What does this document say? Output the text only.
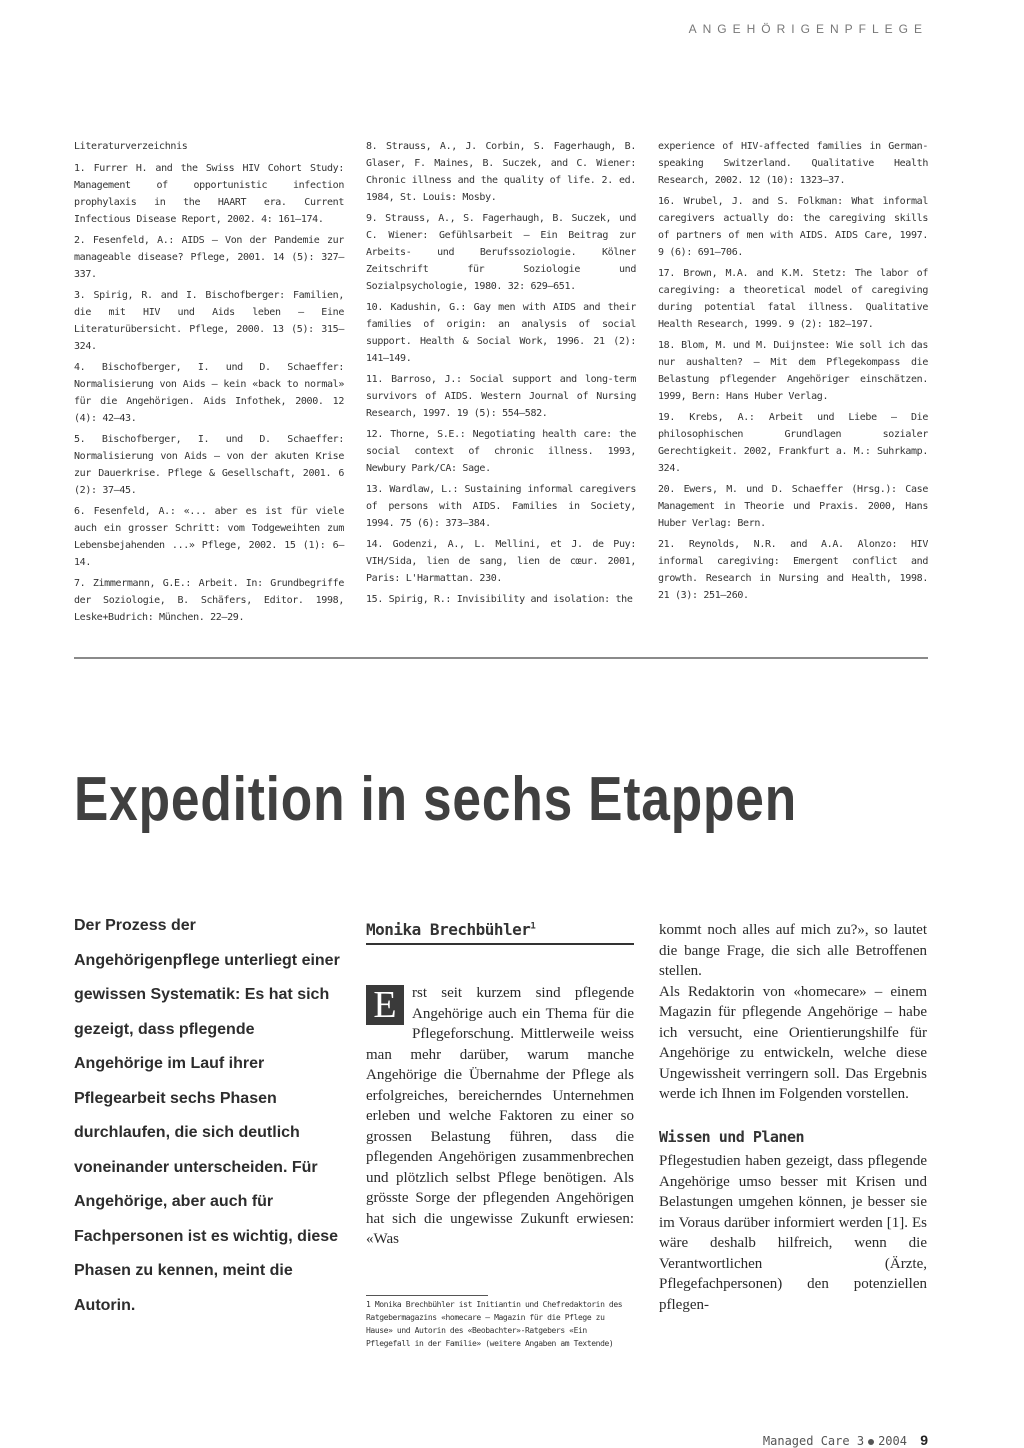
ANGEHÖRIGENPFLEGE

Literaturverzeichnis

1. Furrer H. and the Swiss HIV Cohort Study: Management of opportunistic infection prophylaxis in the HAART era. Current Infectious Disease Report, 2002. 4: 161–174.

2. Fesenfeld, A.: AIDS – Von der Pandemie zur manageable disease? Pflege, 2001. 14 (5): 327–337.

3. Spirig, R. and I. Bischofberger: Familien, die mit HIV und Aids leben – Eine Literaturübersicht. Pflege, 2000. 13 (5): 315–324.

4. Bischofberger, I. und D. Schaeffer: Normalisierung von Aids – kein «back to normal» für die Angehörigen. Aids Infothek, 2000. 12 (4): 42–43.

5. Bischofberger, I. und D. Schaeffer: Normalisierung von Aids – von der akuten Krise zur Dauerkrise. Pflege & Gesellschaft, 2001. 6 (2): 37–45.

6. Fesenfeld, A.: «... aber es ist für viele auch ein grosser Schritt: vom Todgeweihten zum Lebensbejahenden ...» Pflege, 2002. 15 (1): 6–14.

7. Zimmermann, G.E.: Arbeit. In: Grundbegriffe der Soziologie, B. Schäfers, Editor. 1998, Leske+Budrich: München. 22–29.

8. Strauss, A., J. Corbin, S. Fagerhaugh, B. Glaser, F. Maines, B. Suczek, and C. Wiener: Chronic illness and the quality of life. 2. ed. 1984, St. Louis: Mosby.

9. Strauss, A., S. Fagerhaugh, B. Suczek, und C. Wiener: Gefühlsarbeit – Ein Beitrag zur Arbeits- und Berufssoziologie. Kölner Zeitschrift für Soziologie und Sozialpsychologie, 1980. 32: 629–651.

10. Kadushin, G.: Gay men with AIDS and their families of origin: an analysis of social support. Health & Social Work, 1996. 21 (2): 141–149.

11. Barroso, J.: Social support and long-term survivors of AIDS. Western Journal of Nursing Research, 1997. 19 (5): 554–582.

12. Thorne, S.E.: Negotiating health care: the social context of chronic illness. 1993, Newbury Park/CA: Sage.

13. Wardlaw, L.: Sustaining informal caregivers of persons with AIDS. Families in Society, 1994. 75 (6): 373–384.

14. Godenzi, A., L. Mellini, et J. de Puy: VIH/Sida, lien de sang, lien de cœur. 2001, Paris: L'Harmattan. 230.

15. Spirig, R.: Invisibility and isolation: the

experience of HIV-affected families in German-speaking Switzerland. Qualitative Health Research, 2002. 12 (10): 1323–37.

16. Wrubel, J. and S. Folkman: What informal caregivers actually do: the caregiving skills of partners of men with AIDS. AIDS Care, 1997. 9 (6): 691–706.

17. Brown, M.A. and K.M. Stetz: The labor of caregiving: a theoretical model of caregiving during potential fatal illness. Qualitative Health Research, 1999. 9 (2): 182–197.

18. Blom, M. und M. Duijnstee: Wie soll ich das nur aushalten? – Mit dem Pflegekompass die Belastung pflegender Angehöriger einschätzen. 1999, Bern: Hans Huber Verlag.

19. Krebs, A.: Arbeit und Liebe – Die philosophischen Grundlagen sozialer Gerechtigkeit. 2002, Frankfurt a. M.: Suhrkamp. 324.

20. Ewers, M. und D. Schaeffer (Hrsg.): Case Management in Theorie und Praxis. 2000, Hans Huber Verlag: Bern.

21. Reynolds, N.R. and A.A. Alonzo: HIV informal caregiving: Emergent conflict and growth. Research in Nursing and Health, 1998. 21 (3): 251–260.

Expedition in sechs Etappen
Der Prozess der Angehörigenpflege unterliegt einer gewissen Systematik: Es hat sich gezeigt, dass pflegende Angehörige im Lauf ihrer Pflegearbeit sechs Phasen durchlaufen, die sich deutlich voneinander unterscheiden. Für Angehörige, aber auch für Fachpersonen ist es wichtig, diese Phasen zu kennen, meint die Autorin.
Monika Brechbühler$^1$
E	rst seit kurzem sind pflegende Angehörige auch ein Thema für die Pflegeforschung. Mittlerweile weiss man mehr darüber, warum manche Angehörige die Übernahme der Pflege als erfolgreiches, bereicherndes Unternehmen erleben und welche Faktoren zu einer so grossen Belastung führen, dass die pflegenden Angehörigen zusammenbrechen und plötzlich selbst Pflege benötigen. Als grösste Sorge der pflegenden Angehörigen hat sich die ungewisse Zukunft erwiesen: «Was

kommt noch alles auf mich zu?», so lautet die bange Frage, die sich alle Betroffenen stellen.

Als Redaktorin von «homecare» – einem Magazin für pflegende Angehörige – habe ich versucht, eine Orientierungshilfe für Angehörige zu entwickeln, welche diese Ungewissheit verringern soll. Das Ergebnis werde ich Ihnen im Folgenden vorstellen.

Wissen und Planen

Pflegestudien haben gezeigt, dass pflegende Angehörige umso besser mit Krisen und Belastungen umgehen können, je besser sie im Voraus darüber informiert werden [1]. Es wäre deshalb hilfreich, wenn die Verantwortlichen (Ärzte, Pflegefachpersonen) den potenziellen pflegen-

1 Monika Brechbühler ist Initiantin und Chefredaktorin des Ratgebermagazins «homecare – Magazin für die Pflege zu Hause» und Autorin des «Beobachter»-Ratgebers «Ein Pflegefall in der Familie» (weitere Angaben am Textende)
Managed Care 3 2004 9
